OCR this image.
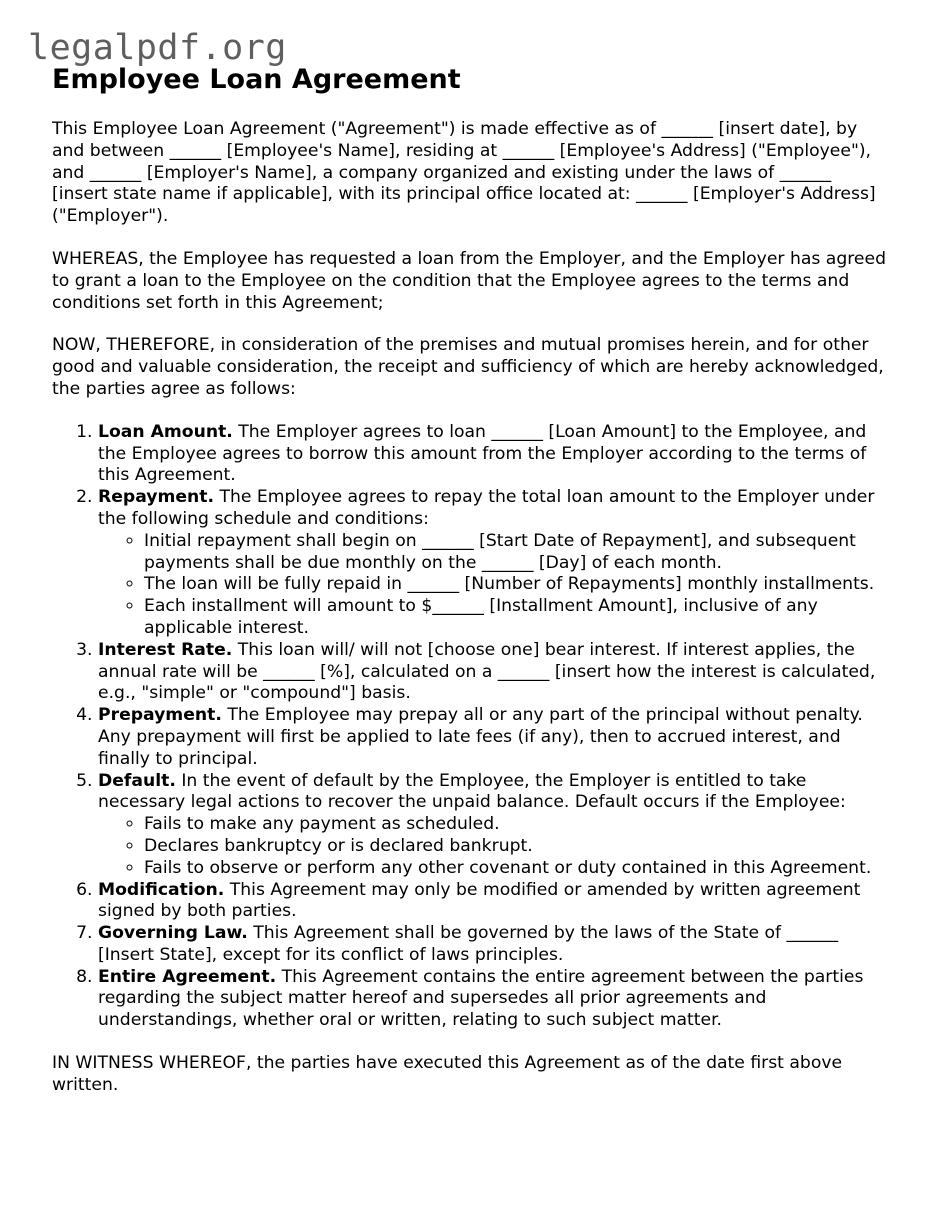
legalpdf.org
Employee Loan Agreement

This Employee Loan Agreement ("Agreement") is made effective as of ______ [insert date], by and between ______ [Employee's Name], residing at ______ [Employee's Address] ("Employee"), and ______ [Employer's Name], a company organized and existing under the laws of ______ [insert state name if applicable], with its principal office located at: ______ [Employer's Address] ("Employer").

WHEREAS, the Employee has requested a loan from the Employer, and the Employer has agreed to grant a loan to the Employee on the condition that the Employee agrees to the terms and conditions set forth in this Agreement;

NOW, THEREFORE, in consideration of the premises and mutual promises herein, and for other good and valuable consideration, the receipt and sufficiency of which are hereby acknowledged, the parties agree as follows:

1. Loan Amount. The Employer agrees to loan ______ [Loan Amount] to the Employee, and the Employee agrees to borrow this amount from the Employer according to the terms of this Agreement.
2. Repayment. The Employee agrees to repay the total loan amount to the Employer under the following schedule and conditions:
◦ Initial repayment shall begin on ______ [Start Date of Repayment], and subsequent payments shall be due monthly on the ______ [Day] of each month.
◦ The loan will be fully repaid in ______ [Number of Repayments] monthly installments.
◦ Each installment will amount to $______ [Installment Amount], inclusive of any applicable interest.
3. Interest Rate. This loan will/ will not [choose one] bear interest. If interest applies, the annual rate will be ______ [%], calculated on a ______ [insert how the interest is calculated, e.g., "simple" or "compound"] basis.
4. Prepayment. The Employee may prepay all or any part of the principal without penalty. Any prepayment will first be applied to late fees (if any), then to accrued interest, and finally to principal.
5. Default. In the event of default by the Employee, the Employer is entitled to take necessary legal actions to recover the unpaid balance. Default occurs if the Employee:
◦ Fails to make any payment as scheduled.
◦ Declares bankruptcy or is declared bankrupt.
◦ Fails to observe or perform any other covenant or duty contained in this Agreement.
6. Modification. This Agreement may only be modified or amended by written agreement signed by both parties.
7. Governing Law. This Agreement shall be governed by the laws of the State of ______ [Insert State], except for its conflict of laws principles.
8. Entire Agreement. This Agreement contains the entire agreement between the parties regarding the subject matter hereof and supersedes all prior agreements and understandings, whether oral or written, relating to such subject matter.

IN WITNESS WHEREOF, the parties have executed this Agreement as of the date first above written.
